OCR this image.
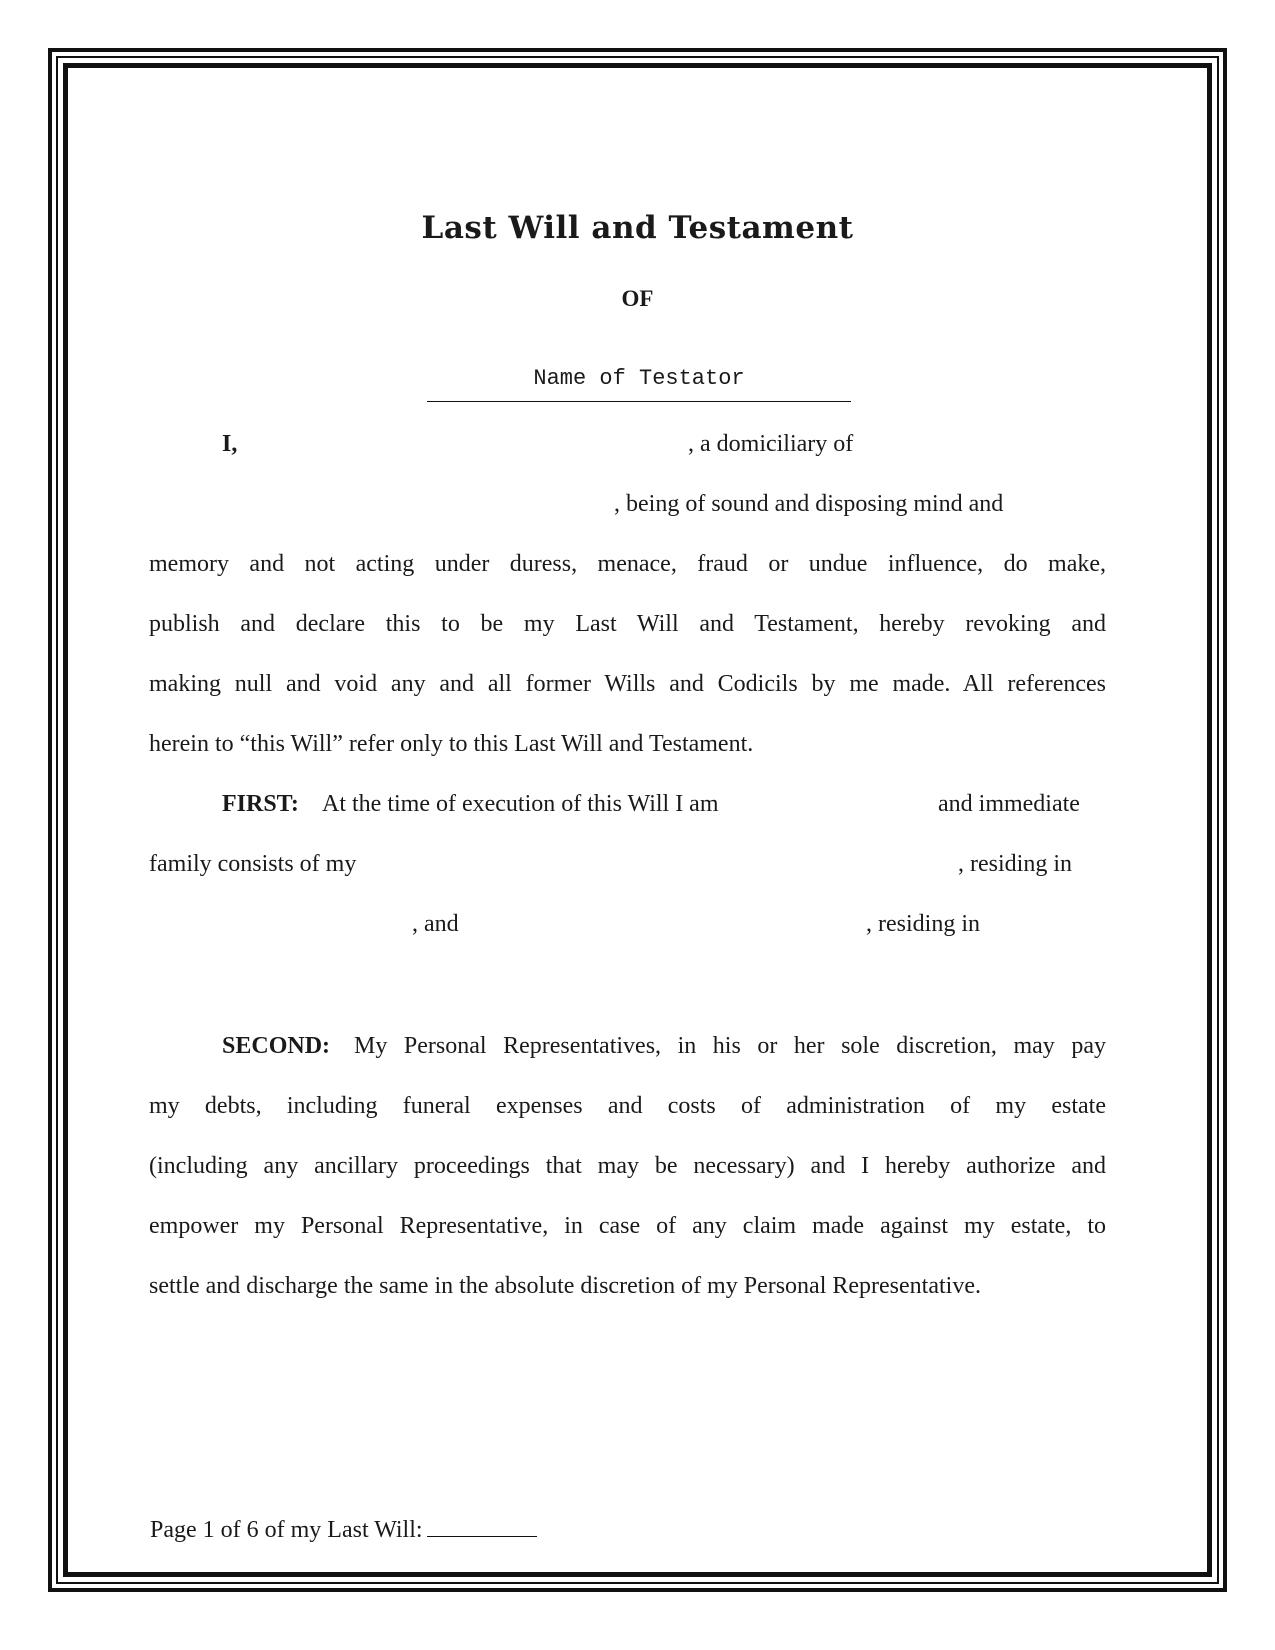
Last Will and Testament
OF
Name of Testator
I,	, a domiciliary of
, being of sound and disposing mind and
memory and not acting under duress, menace, fraud or undue influence, do make,
publish and declare this to be my Last Will and Testament, hereby revoking and
making null and void any and all former Wills and Codicils by me made. All references
herein to “this Will” refer only to this Last Will and Testament.
FIRST: At the time of execution of this Will I am	and immediate
family consists of my	, residing in
, and	, residing in
SECOND: My Personal Representatives, in his or her sole discretion, may pay
my debts, including funeral expenses and costs of administration of my estate
(including any ancillary proceedings that may be necessary) and I hereby authorize and
empower my Personal Representative, in case of any claim made against my estate, to
settle and discharge the same in the absolute discretion of my Personal Representative.
Page 1 of 6 of my Last Will:
